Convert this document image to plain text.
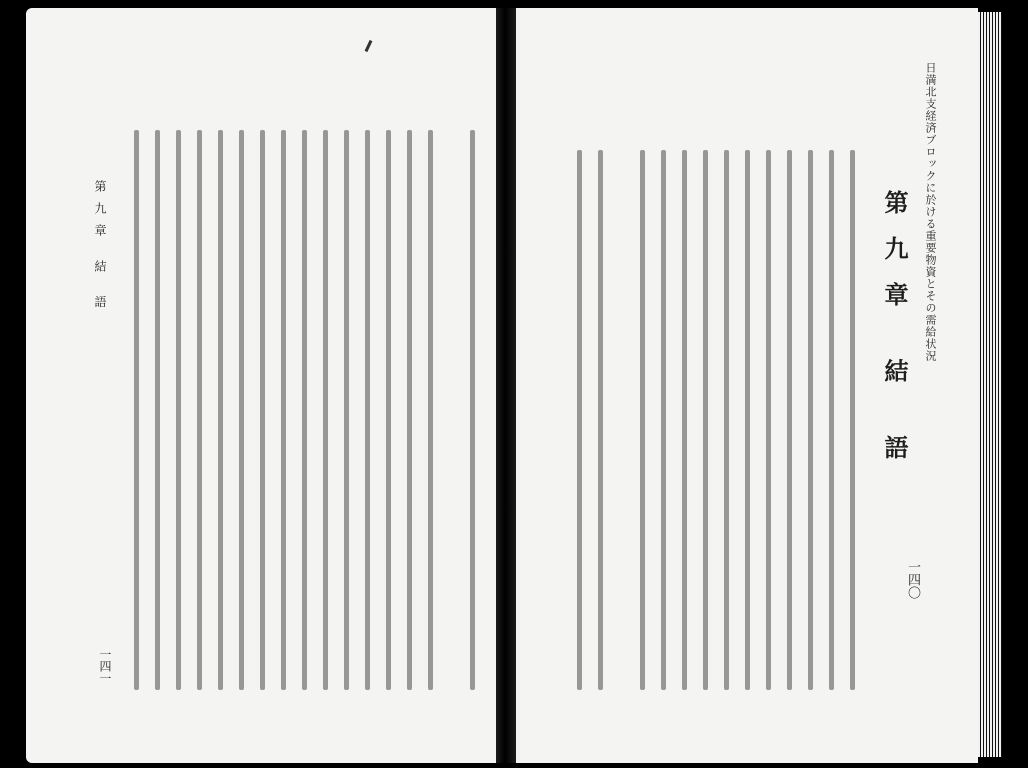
日満北支経済ブロックに於ける重要物資とその需給状況
一四〇
第九章 結 語
第九章 結 語
一四一
